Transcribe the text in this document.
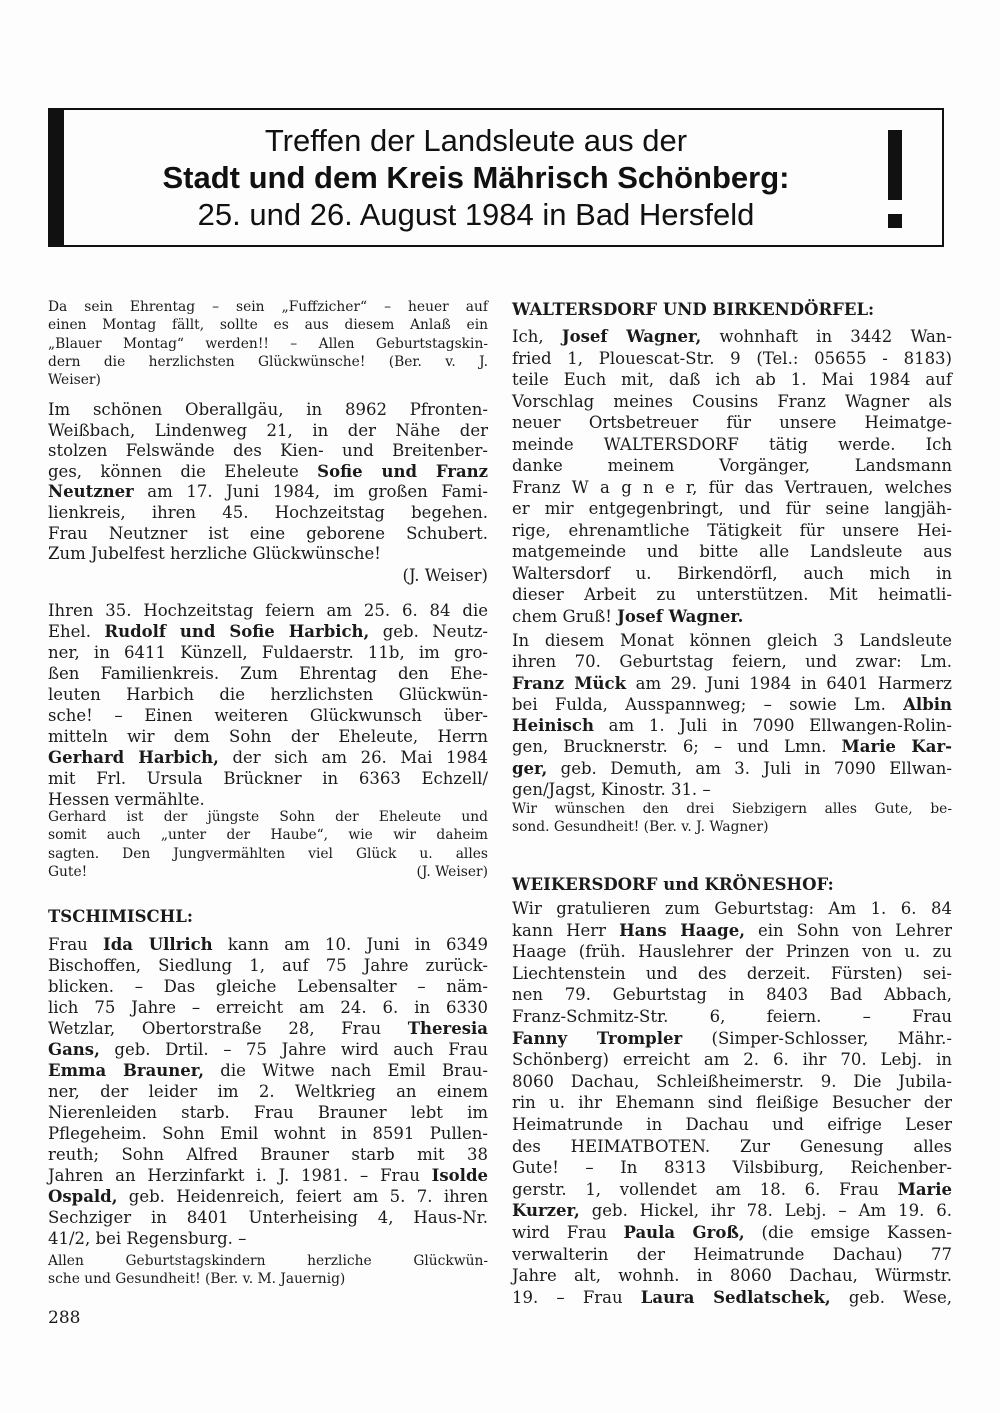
Treffen der Landsleute aus der
Stadt und dem Kreis Mährisch Schönberg:
25. und 26. August 1984 in Bad Hersfeld
Da sein Ehrentag – sein „Fuffzicher“ – heuer auf
einen Montag fällt, sollte es aus diesem Anlaß ein
„Blauer Montag“ werden!! – Allen Geburtstagskin-
dern die herzlichsten Glückwünsche! (Ber. v. J.
Weiser)
Im schönen Oberallgäu, in 8962 Pfronten-
Weißbach, Lindenweg 21, in der Nähe der
stolzen Felswände des Kien- und Breitenber-
ges, können die Eheleute Sofie und Franz
Neutzner am 17. Juni 1984, im großen Fami-
lienkreis, ihren 45. Hochzeitstag begehen.
Frau Neutzner ist eine geborene Schubert.
Zum Jubelfest herzliche Glückwünsche!
(J. Weiser)
Ihren 35. Hochzeitstag feiern am 25. 6. 84 die
Ehel. Rudolf und Sofie Harbich, geb. Neutz-
ner, in 6411 Künzell, Fuldaerstr. 11b, im gro-
ßen Familienkreis. Zum Ehrentag den Ehe-
leuten Harbich die herzlichsten Glückwün-
sche! – Einen weiteren Glückwunsch über-
mitteln wir dem Sohn der Eheleute, Herrn
Gerhard Harbich, der sich am 26. Mai 1984
mit Frl. Ursula Brückner in 6363 Echzell/
Hessen vermählte.
Gerhard ist der jüngste Sohn der Eheleute und
somit auch „unter der Haube“, wie wir daheim
sagten. Den Jungvermählten viel Glück u. alles
Gute!	(J. Weiser)
TSCHIMISCHL:
Frau Ida Ullrich kann am 10. Juni in 6349
Bischoffen, Siedlung 1, auf 75 Jahre zurück-
blicken. – Das gleiche Lebensalter – näm-
lich 75 Jahre – erreicht am 24. 6. in 6330
Wetzlar, Obertorstraße 28, Frau Theresia
Gans, geb. Drtil. – 75 Jahre wird auch Frau
Emma Brauner, die Witwe nach Emil Brau-
ner, der leider im 2. Weltkrieg an einem
Nierenleiden starb. Frau Brauner lebt im
Pflegeheim. Sohn Emil wohnt in 8591 Pullen-
reuth; Sohn Alfred Brauner starb mit 38
Jahren an Herzinfarkt i. J. 1981. – Frau Isolde
Ospald, geb. Heidenreich, feiert am 5. 7. ihren
Sechziger in 8401 Unterheising 4, Haus-Nr.
41/2, bei Regensburg. –
Allen Geburtstagskindern herzliche Glückwün-
sche und Gesundheit! (Ber. v. M. Jauernig)
288
WALTERSDORF UND BIRKENDÖRFEL:
Ich, Josef Wagner, wohnhaft in 3442 Wan-
fried 1, Plouescat-Str. 9 (Tel.: 05655 - 8183)
teile Euch mit, daß ich ab 1. Mai 1984 auf
Vorschlag meines Cousins Franz Wagner als
neuer Ortsbetreuer für unsere Heimatge-
meinde WALTERSDORF tätig werde. Ich
danke meinem Vorgänger, Landsmann
Franz W a g n e r, für das Vertrauen, welches
er mir entgegenbringt, und für seine langjäh-
rige, ehrenamtliche Tätigkeit für unsere Hei-
matgemeinde und bitte alle Landsleute aus
Waltersdorf u. Birkendörfl, auch mich in
dieser Arbeit zu unterstützen. Mit heimatli-
chem Gruß! Josef Wagner.
In diesem Monat können gleich 3 Landsleute
ihren 70. Geburtstag feiern, und zwar: Lm.
Franz Mück am 29. Juni 1984 in 6401 Harmerz
bei Fulda, Ausspannweg; – sowie Lm. Albin
Heinisch am 1. Juli in 7090 Ellwangen-Rolin-
gen, Brucknerstr. 6; – und Lmn. Marie Kar-
ger, geb. Demuth, am 3. Juli in 7090 Ellwan-
gen/Jagst, Kinostr. 31. –
Wir wünschen den drei Siebzigern alles Gute, be-
sond. Gesundheit! (Ber. v. J. Wagner)
WEIKERSDORF und KRÖNESHOF:
Wir gratulieren zum Geburtstag: Am 1. 6. 84
kann Herr Hans Haage, ein Sohn von Lehrer
Haage (früh. Hauslehrer der Prinzen von u. zu
Liechtenstein und des derzeit. Fürsten) sei-
nen 79. Geburtstag in 8403 Bad Abbach,
Franz-Schmitz-Str. 6, feiern. – Frau
Fanny Trompler (Simper-Schlosser, Mähr.-
Schönberg) erreicht am 2. 6. ihr 70. Lebj. in
8060 Dachau, Schleißheimerstr. 9. Die Jubila-
rin u. ihr Ehemann sind fleißige Besucher der
Heimatrunde in Dachau und eifrige Leser
des HEIMATBOTEN. Zur Genesung alles
Gute! – In 8313 Vilsbiburg, Reichenber-
gerstr. 1, vollendet am 18. 6. Frau Marie
Kurzer, geb. Hickel, ihr 78. Lebj. – Am 19. 6.
wird Frau Paula Groß, (die emsige Kassen-
verwalterin der Heimatrunde Dachau) 77
Jahre alt, wohnh. in 8060 Dachau, Würmstr.
19. – Frau Laura Sedlatschek, geb. Wese,
